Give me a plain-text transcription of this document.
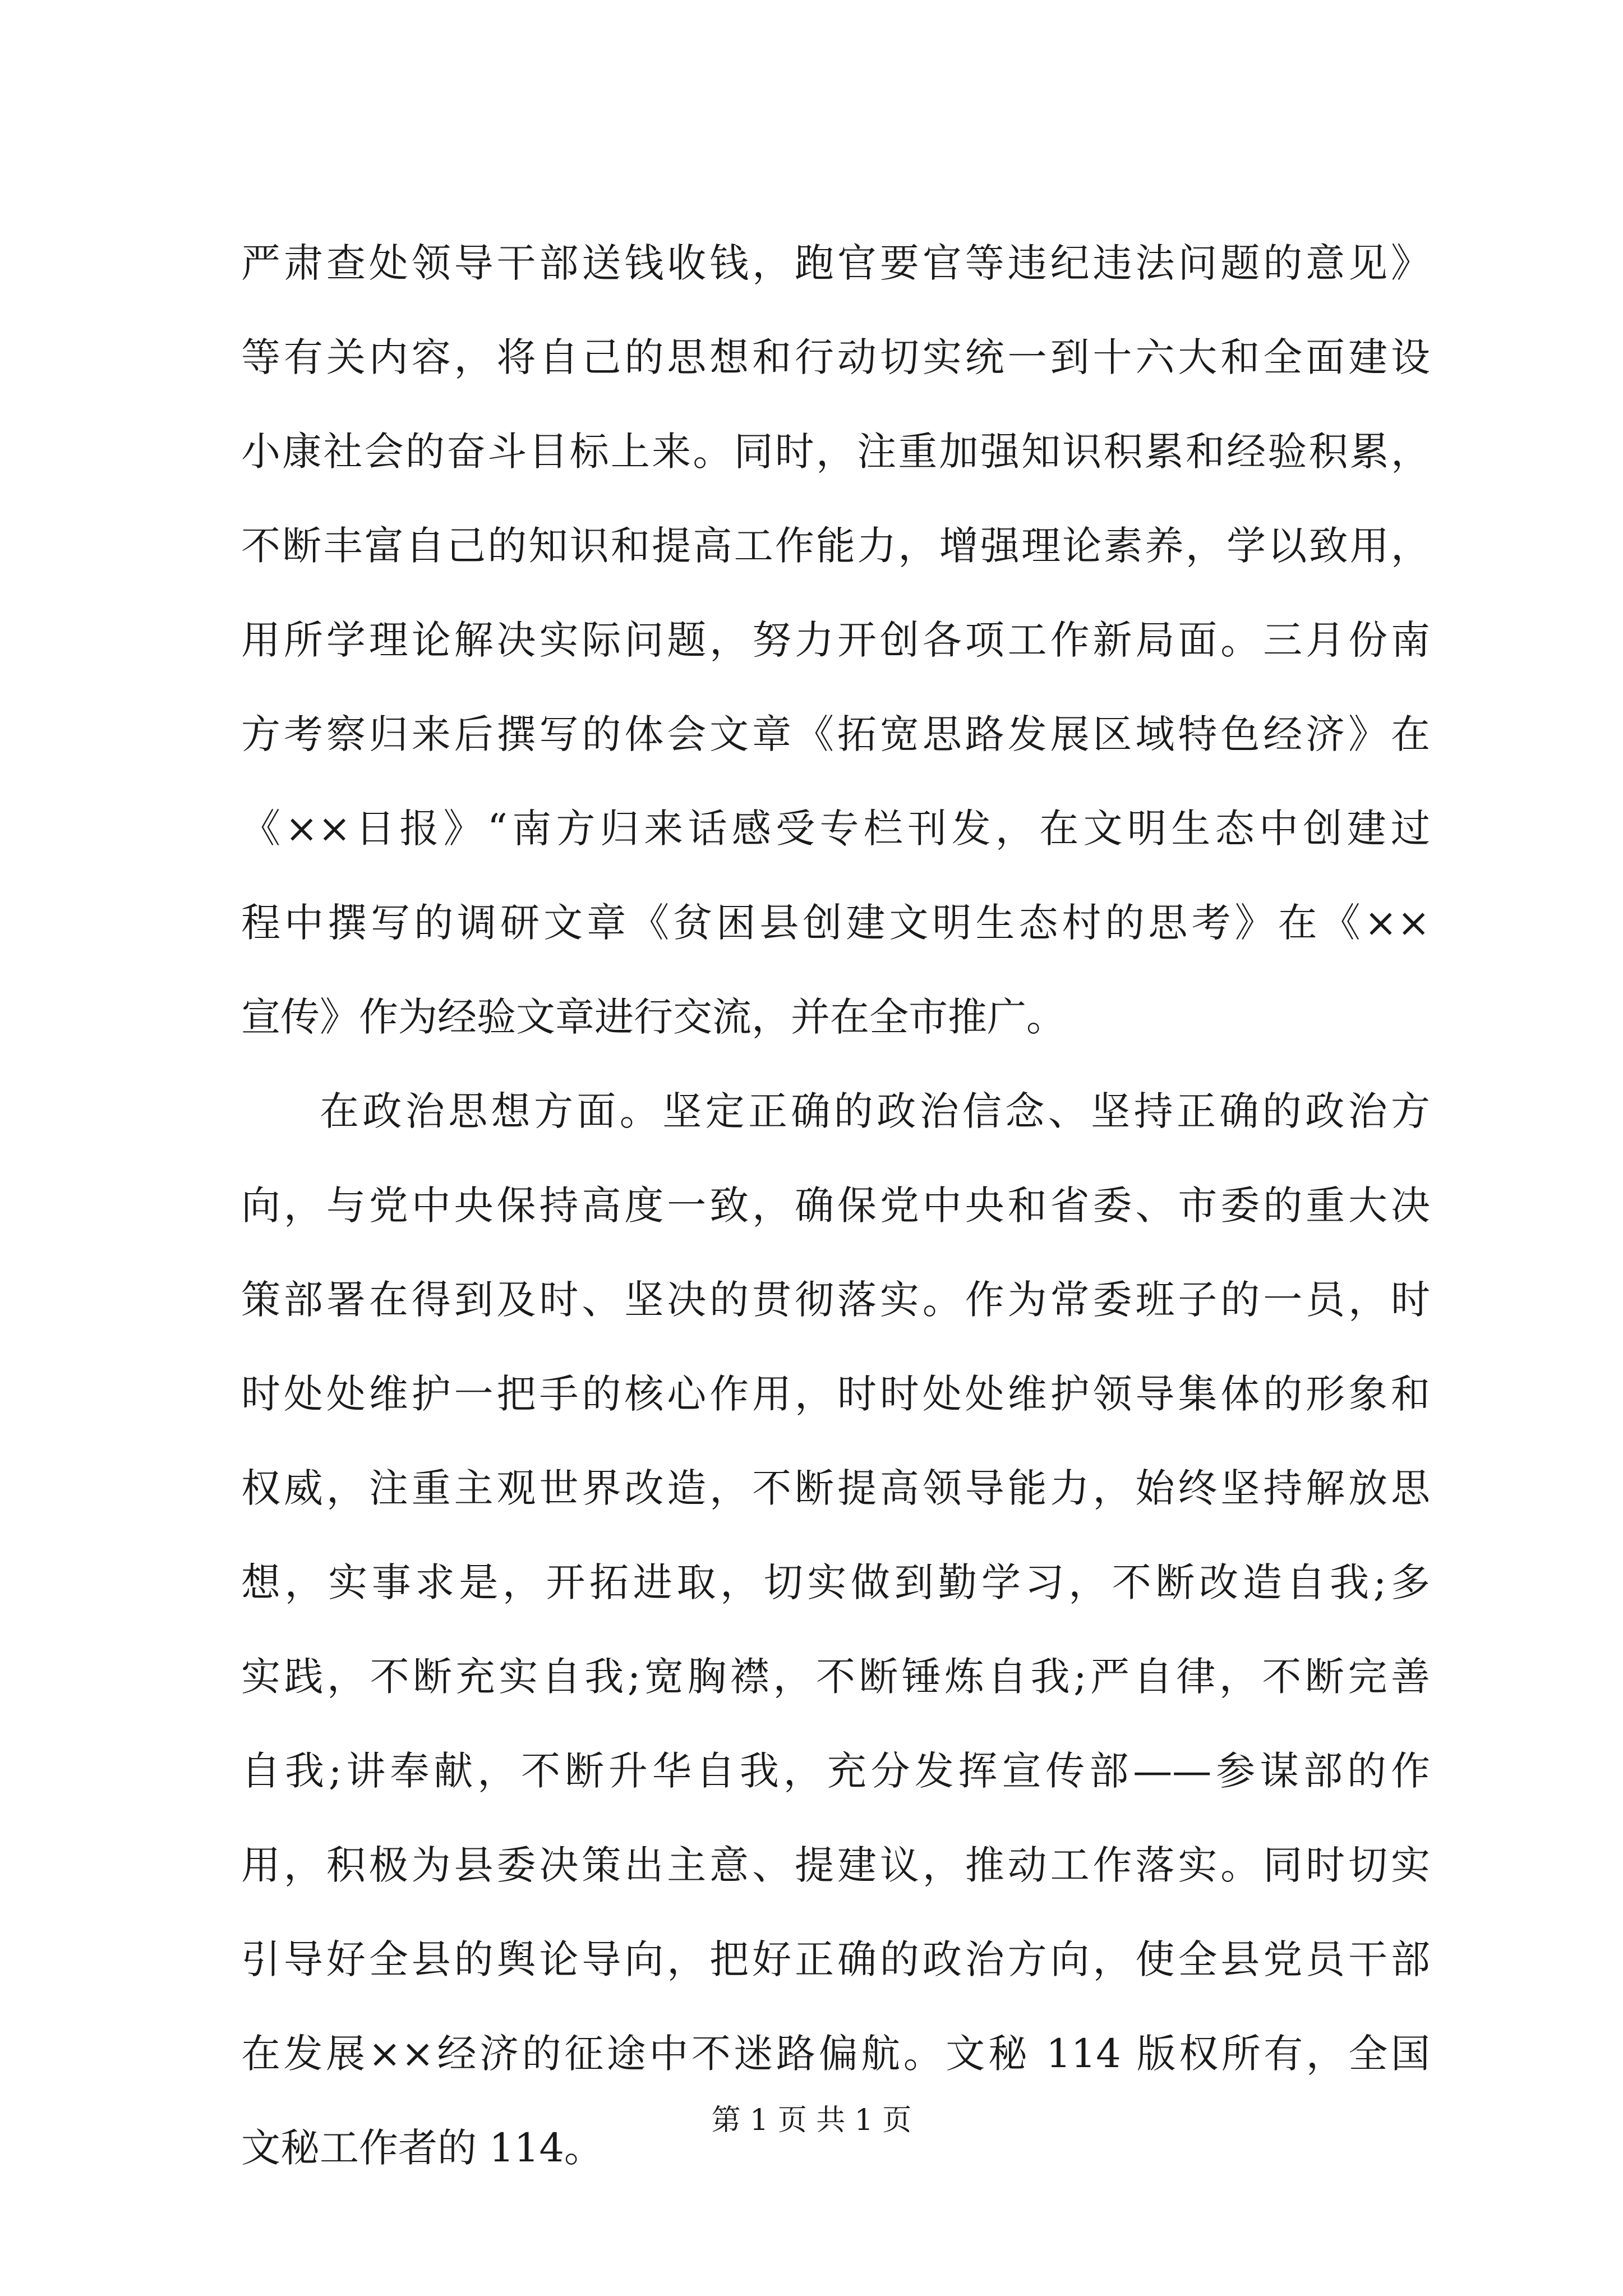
严肃查处领导干部送钱收钱，跑官要官等违纪违法问题的意见》
等有关内容，将自己的思想和行动切实统一到十六大和全面建设
小康社会的奋斗目标上来。同时，注重加强知识积累和经验积累，
不断丰富自己的知识和提高工作能力，增强理论素养，学以致用，
用所学理论解决实际问题，努力开创各项工作新局面。三月份南
方考察归来后撰写的体会文章《拓宽思路发展区域特色经济》在
《××日报》“南方归来话感受专栏刊发，在文明生态中创建过
程中撰写的调研文章《贫困县创建文明生态村的思考》在《××
宣传》作为经验文章进行交流，并在全市推广。
在政治思想方面。坚定正确的政治信念、坚持正确的政治方
向，与党中央保持高度一致，确保党中央和省委、市委的重大决
策部署在得到及时、坚决的贯彻落实。作为常委班子的一员，时
时处处维护一把手的核心作用，时时处处维护领导集体的形象和
权威，注重主观世界改造，不断提高领导能力，始终坚持解放思
想，实事求是，开拓进取，切实做到勤学习，不断改造自我;多
实践，不断充实自我;宽胸襟，不断锤炼自我;严自律，不断完善
自我;讲奉献，不断升华自我，充分发挥宣传部——参谋部的作
用，积极为县委决策出主意、提建议，推动工作落实。同时切实
引导好全县的舆论导向，把好正确的政治方向，使全县党员干部
在发展××经济的征途中不迷路偏航。文秘 114 版权所有，全国
文秘工作者的 114。
第 1 页 共 1 页
